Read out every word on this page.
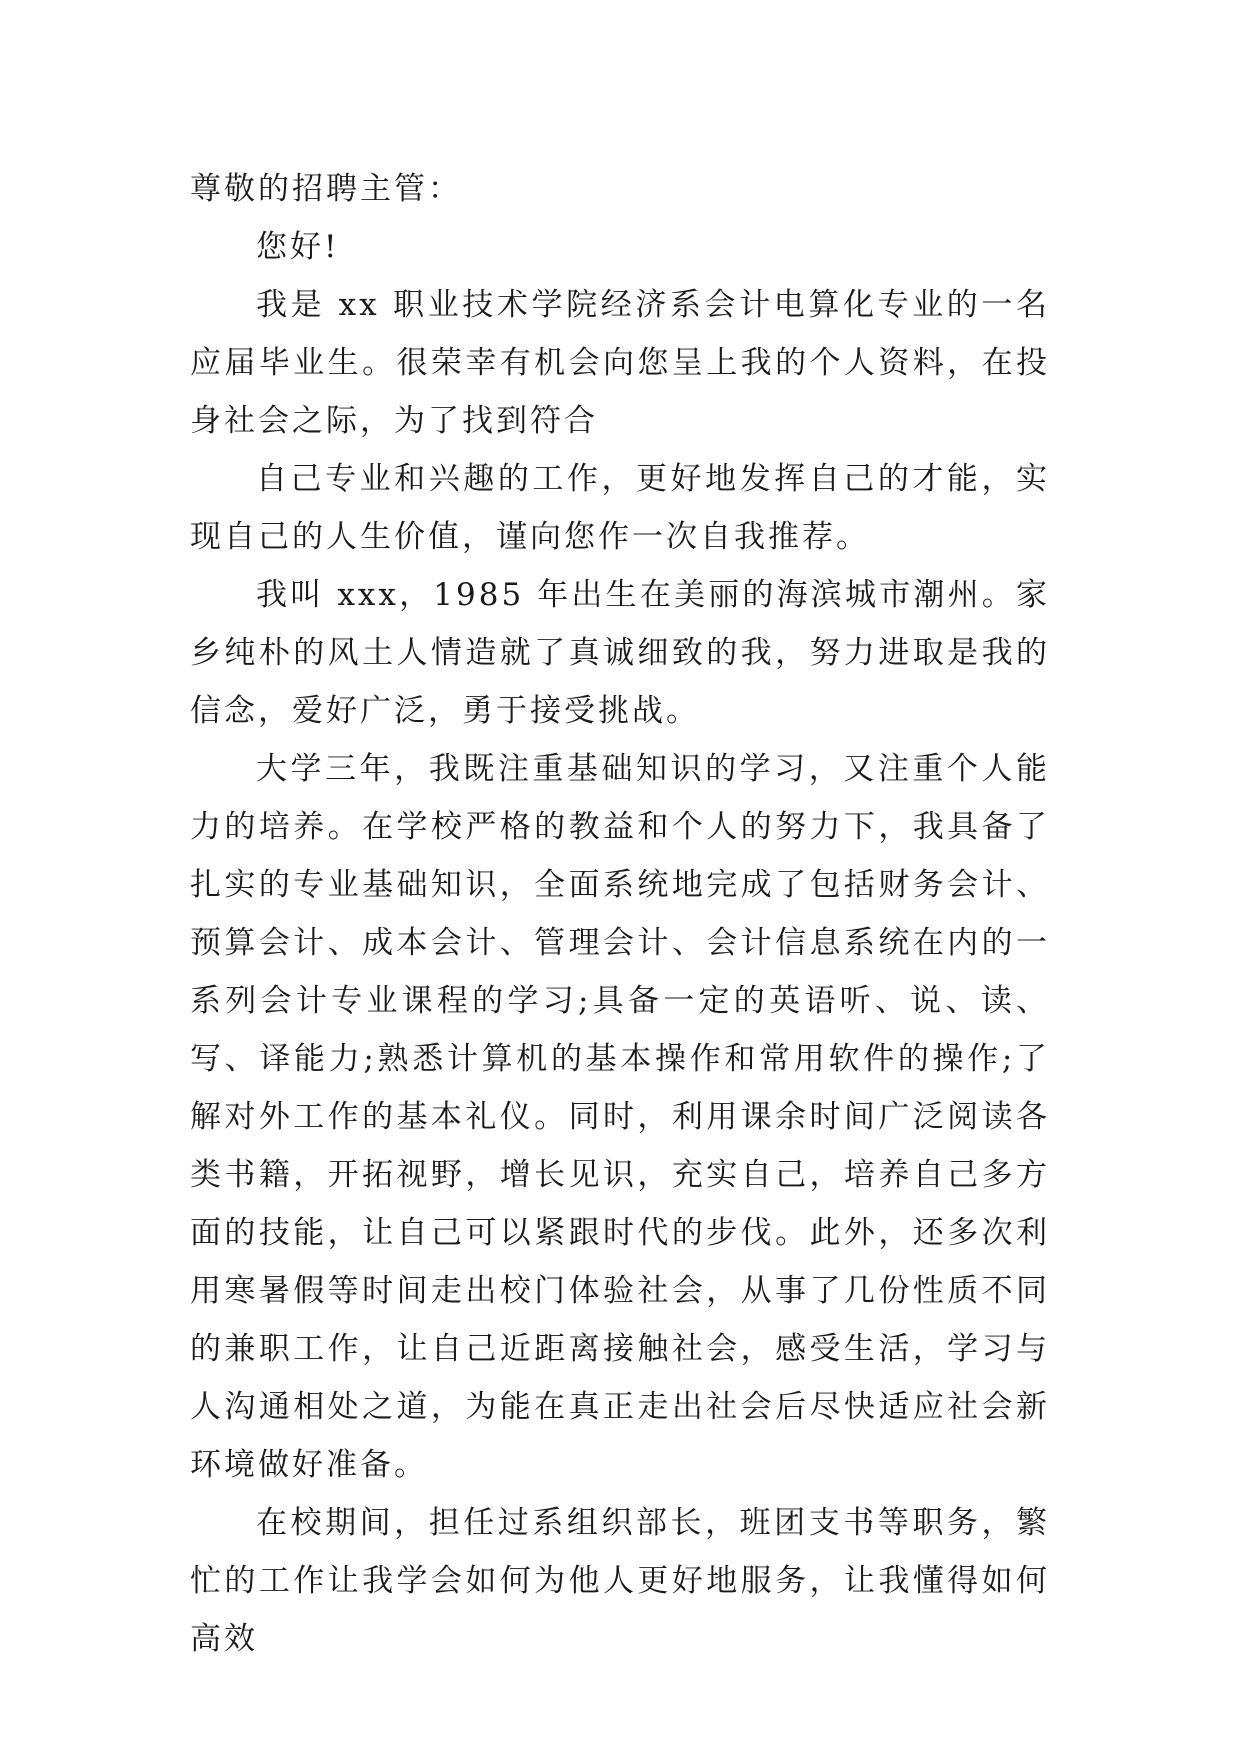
尊敬的招聘主管：

您好!

我是 xx 职业技术学院经济系会计电算化专业的一名应届毕业生。很荣幸有机会向您呈上我的个人资料，在投身社会之际，为了找到符合

自己专业和兴趣的工作，更好地发挥自己的才能，实现自己的人生价值，谨向您作一次自我推荐。

我叫 xxx，1985 年出生在美丽的海滨城市潮州。家乡纯朴的风土人情造就了真诚细致的我，努力进取是我的信念，爱好广泛，勇于接受挑战。

大学三年，我既注重基础知识的学习，又注重个人能力的培养。在学校严格的教益和个人的努力下，我具备了扎实的专业基础知识，全面系统地完成了包括财务会计、预算会计、成本会计、管理会计、会计信息系统在内的一系列会计专业课程的学习;具备一定的英语听、说、读、写、译能力;熟悉计算机的基本操作和常用软件的操作;了解对外工作的基本礼仪。同时，利用课余时间广泛阅读各类书籍，开拓视野，增长见识，充实自己，培养自己多方面的技能，让自己可以紧跟时代的步伐。此外，还多次利用寒暑假等时间走出校门体验社会，从事了几份性质不同的兼职工作，让自己近距离接触社会，感受生活，学习与人沟通相处之道，为能在真正走出社会后尽快适应社会新环境做好准备。

在校期间，担任过系组织部长，班团支书等职务，繁忙的工作让我学会如何为他人更好地服务，让我懂得如何高效
